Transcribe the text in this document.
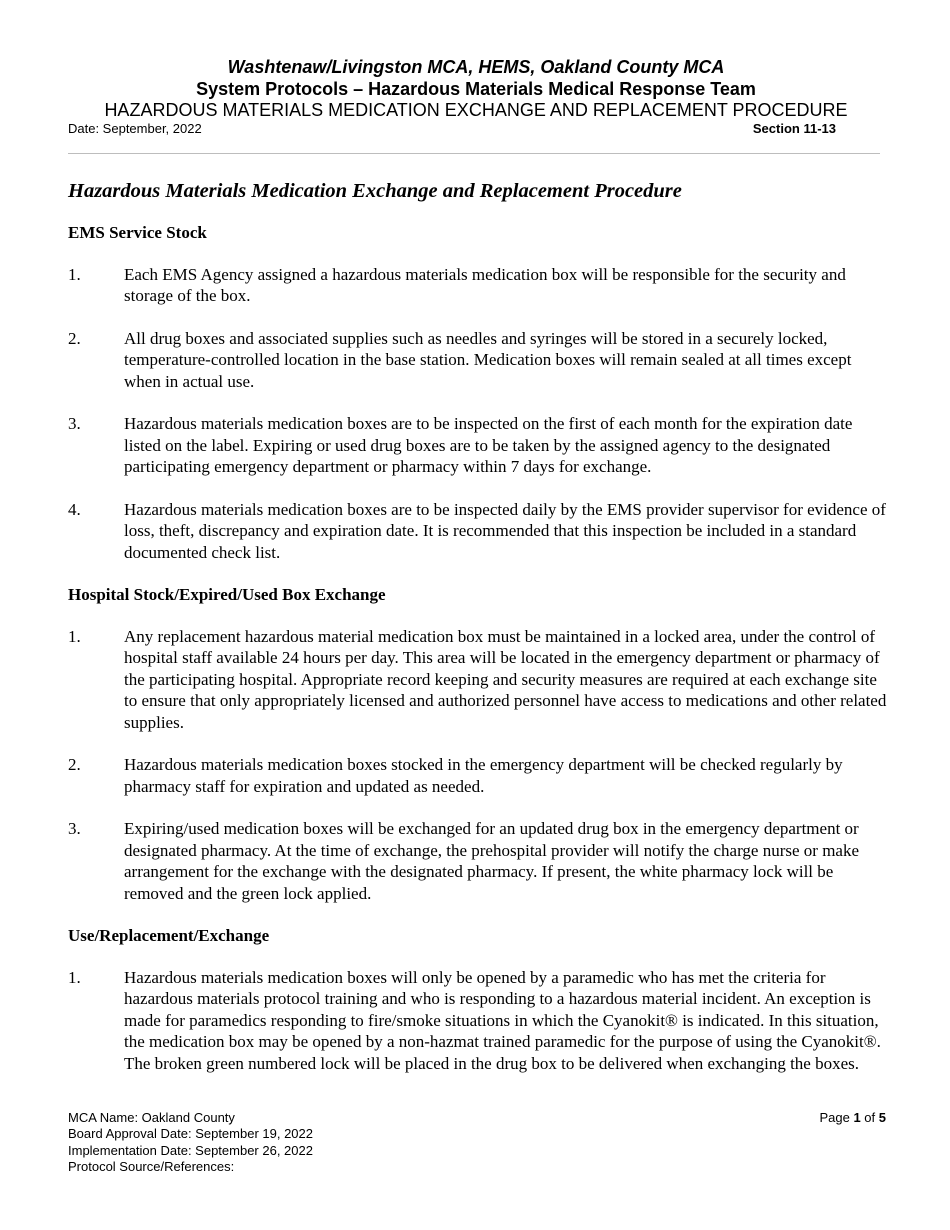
Washtenaw/Livingston MCA, HEMS, Oakland County MCA
System Protocols – Hazardous Materials Medical Response Team
HAZARDOUS MATERIALS MEDICATION EXCHANGE AND REPLACEMENT PROCEDURE
Date: September, 2022	Section 11-13
Hazardous Materials Medication Exchange and Replacement Procedure
EMS Service Stock
1.	Each EMS Agency assigned a hazardous materials medication box will be responsible for the security and storage of the box.
2.	All drug boxes and associated supplies such as needles and syringes will be stored in a securely locked, temperature-controlled location in the base station. Medication boxes will remain sealed at all times except when in actual use.
3.	Hazardous materials medication boxes are to be inspected on the first of each month for the expiration date listed on the label. Expiring or used drug boxes are to be taken by the assigned agency to the designated participating emergency department or pharmacy within 7 days for exchange.
4.	Hazardous materials medication boxes are to be inspected daily by the EMS provider supervisor for evidence of loss, theft, discrepancy and expiration date. It is recommended that this inspection be included in a standard documented check list.
Hospital Stock/Expired/Used Box Exchange
1.	Any replacement hazardous material medication box must be maintained in a locked area, under the control of hospital staff available 24 hours per day. This area will be located in the emergency department or pharmacy of the participating hospital. Appropriate record keeping and security measures are required at each exchange site to ensure that only appropriately licensed and authorized personnel have access to medications and other related supplies.
2.	Hazardous materials medication boxes stocked in the emergency department will be checked regularly by pharmacy staff for expiration and updated as needed.
3.	Expiring/used medication boxes will be exchanged for an updated drug box in the emergency department or designated pharmacy. At the time of exchange, the prehospital provider will notify the charge nurse or make arrangement for the exchange with the designated pharmacy. If present, the white pharmacy lock will be removed and the green lock applied.
Use/Replacement/Exchange
1.	Hazardous materials medication boxes will only be opened by a paramedic who has met the criteria for hazardous materials protocol training and who is responding to a hazardous material incident. An exception is made for paramedics responding to fire/smoke situations in which the Cyanokit® is indicated. In this situation, the medication box may be opened by a non-hazmat trained paramedic for the purpose of using the Cyanokit®. The broken green numbered lock will be placed in the drug box to be delivered when exchanging the boxes.
MCA Name: Oakland County
Board Approval Date: September 19, 2022
Implementation Date: September 26, 2022
Protocol Source/References:
Page 1 of 5
